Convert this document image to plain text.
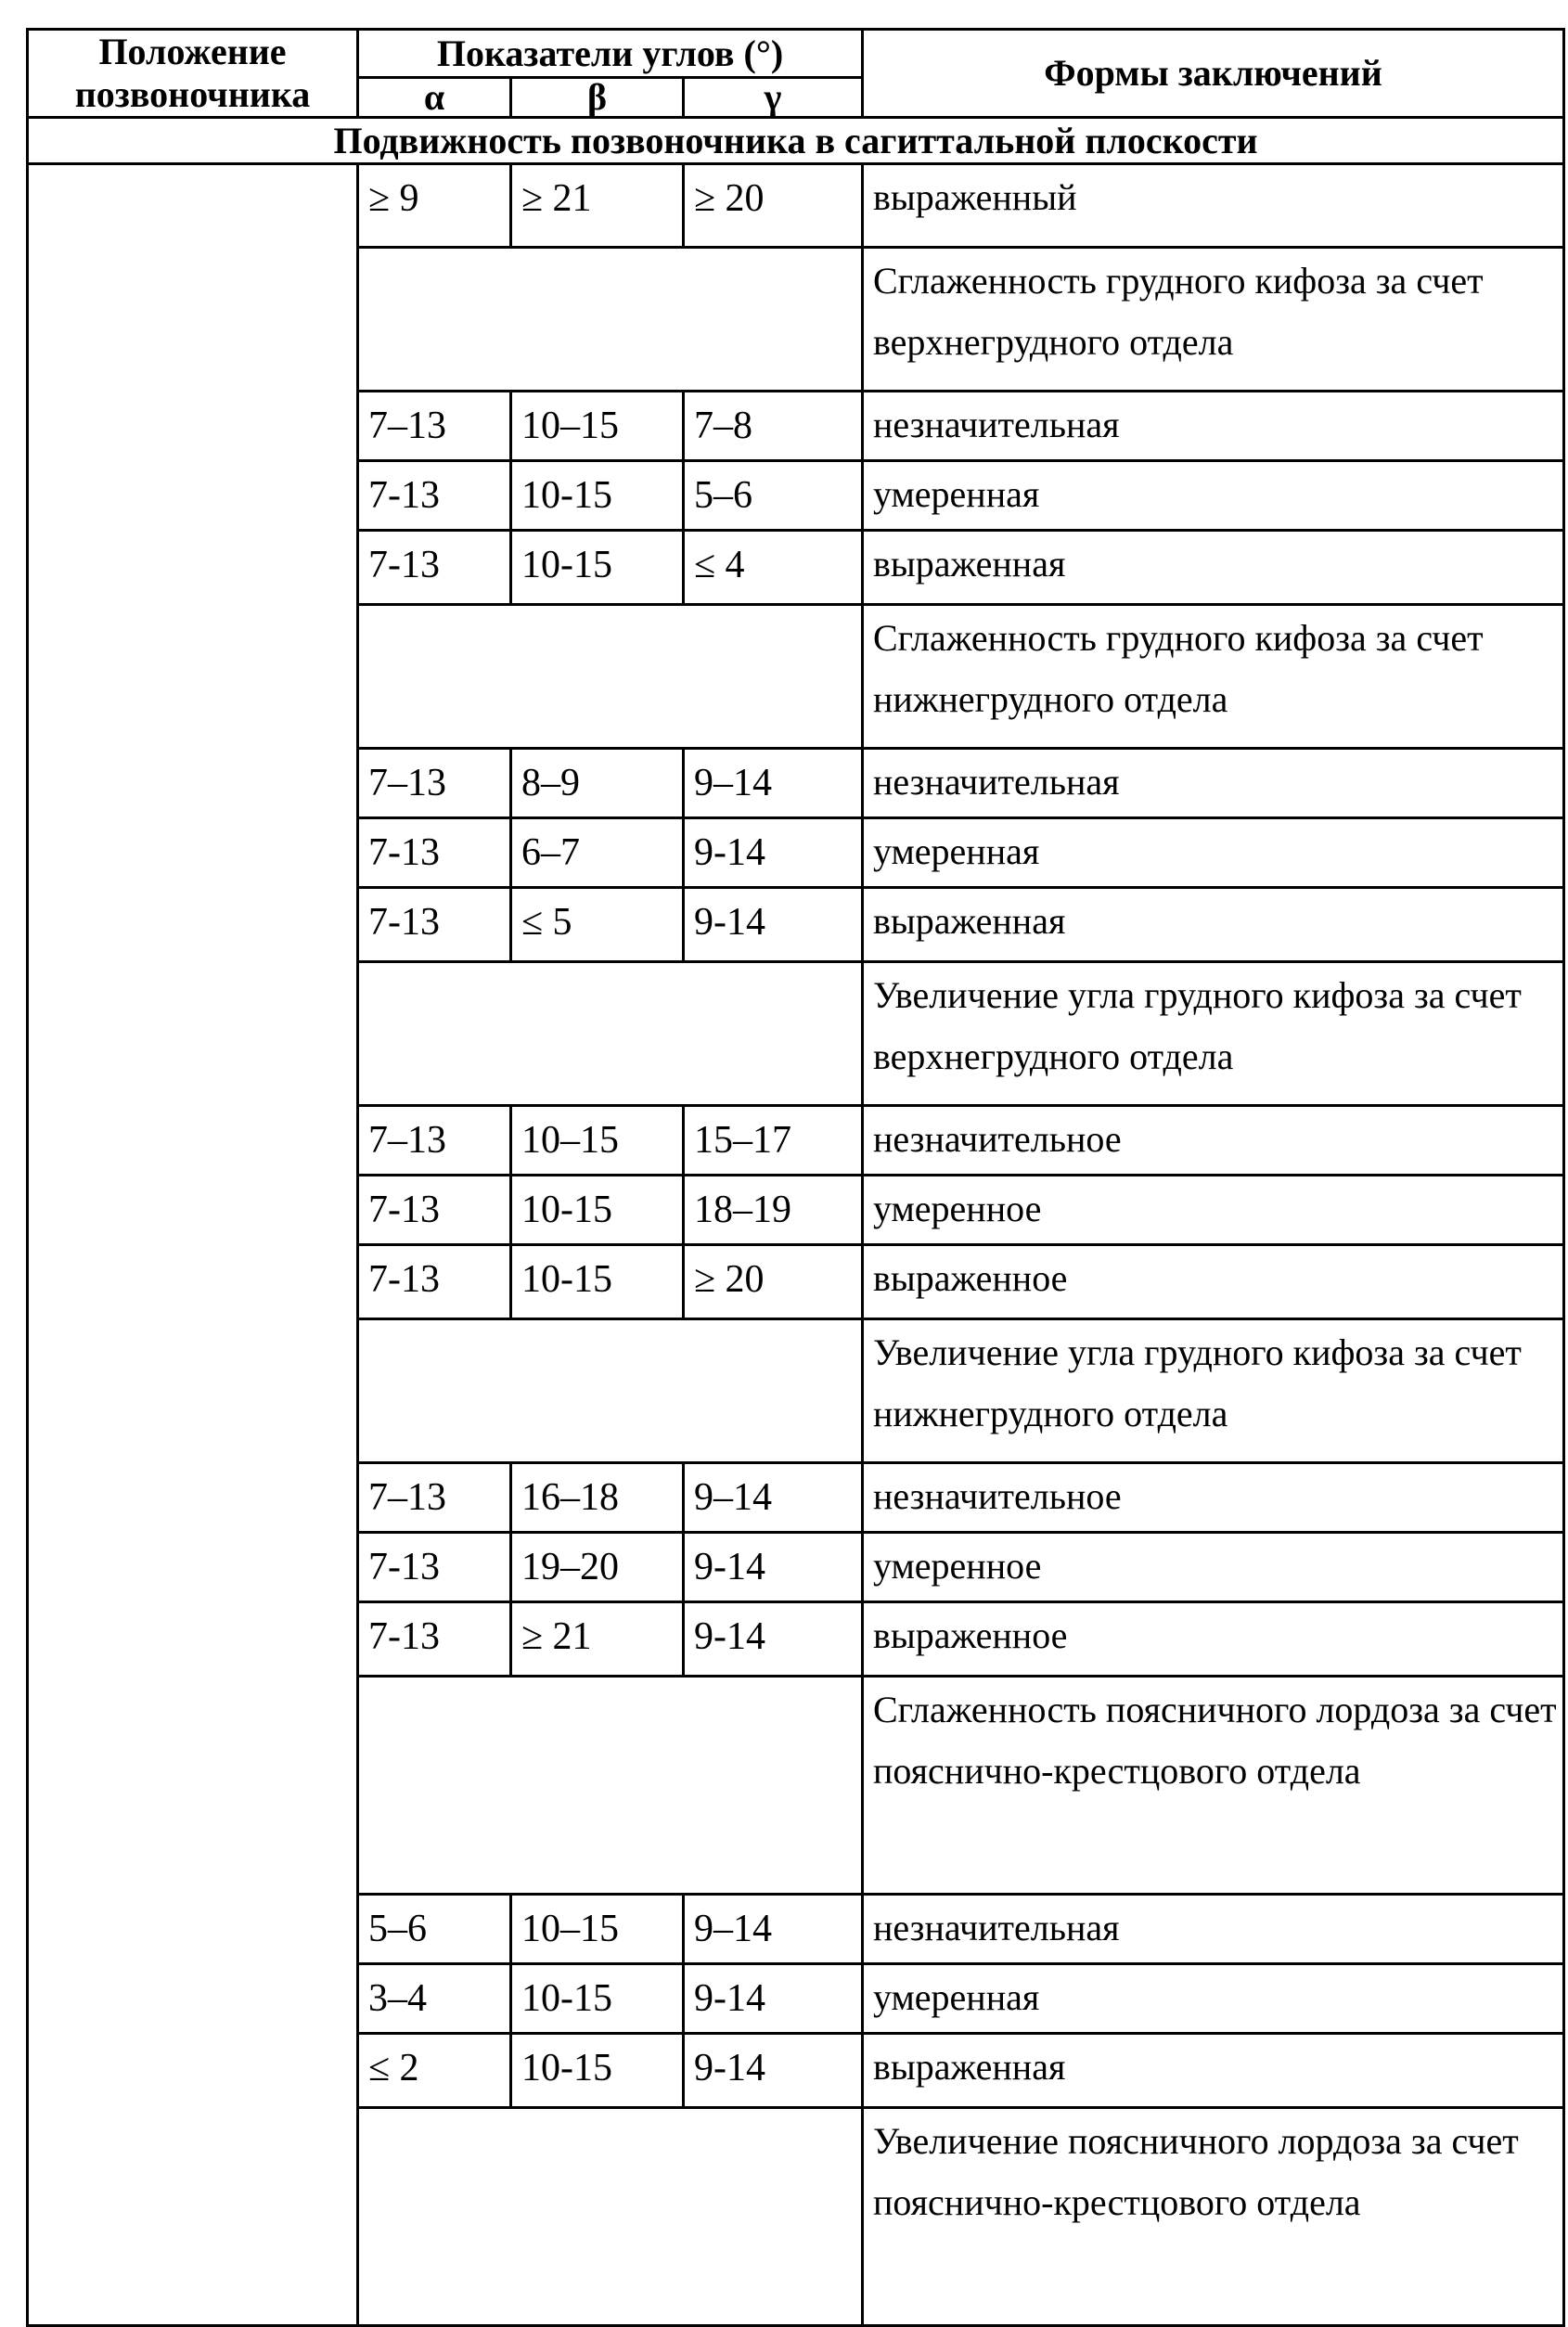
Положение позвоночника	Показатели углов (°)	Формы заключений
α	β	γ
Подвижность позвоночника в сагиттальной плоскости
	≥ 9	≥ 21	≥ 20	выраженный
	Сглаженность грудного кифоза за счет верхнегрудного отдела
7–13	10–15	7–8	незначительная
7-13	10-15	5–6	умеренная
7-13	10-15	≤ 4	выраженная
	Сглаженность грудного кифоза за счет нижнегрудного отдела
7–13	8–9	9–14	незначительная
7-13	6–7	9-14	умеренная
7-13	≤ 5	9-14	выраженная
	Увеличение угла грудного кифоза за счет верхнегрудного отдела
7–13	10–15	15–17	незначительное
7-13	10-15	18–19	умеренное
7-13	10-15	≥ 20	выраженное
	Увеличение угла грудного кифоза за счет нижнегрудного отдела
7–13	16–18	9–14	незначительное
7-13	19–20	9-14	умеренное
7-13	≥ 21	9-14	выраженное
	Сглаженность поясничного лордоза за счет пояснично-крестцового отдела
5–6	10–15	9–14	незначительная
3–4	10-15	9-14	умеренная
≤ 2	10-15	9-14	выраженная
	Увеличение поясничного лордоза за счет пояснично-крестцового отдела
